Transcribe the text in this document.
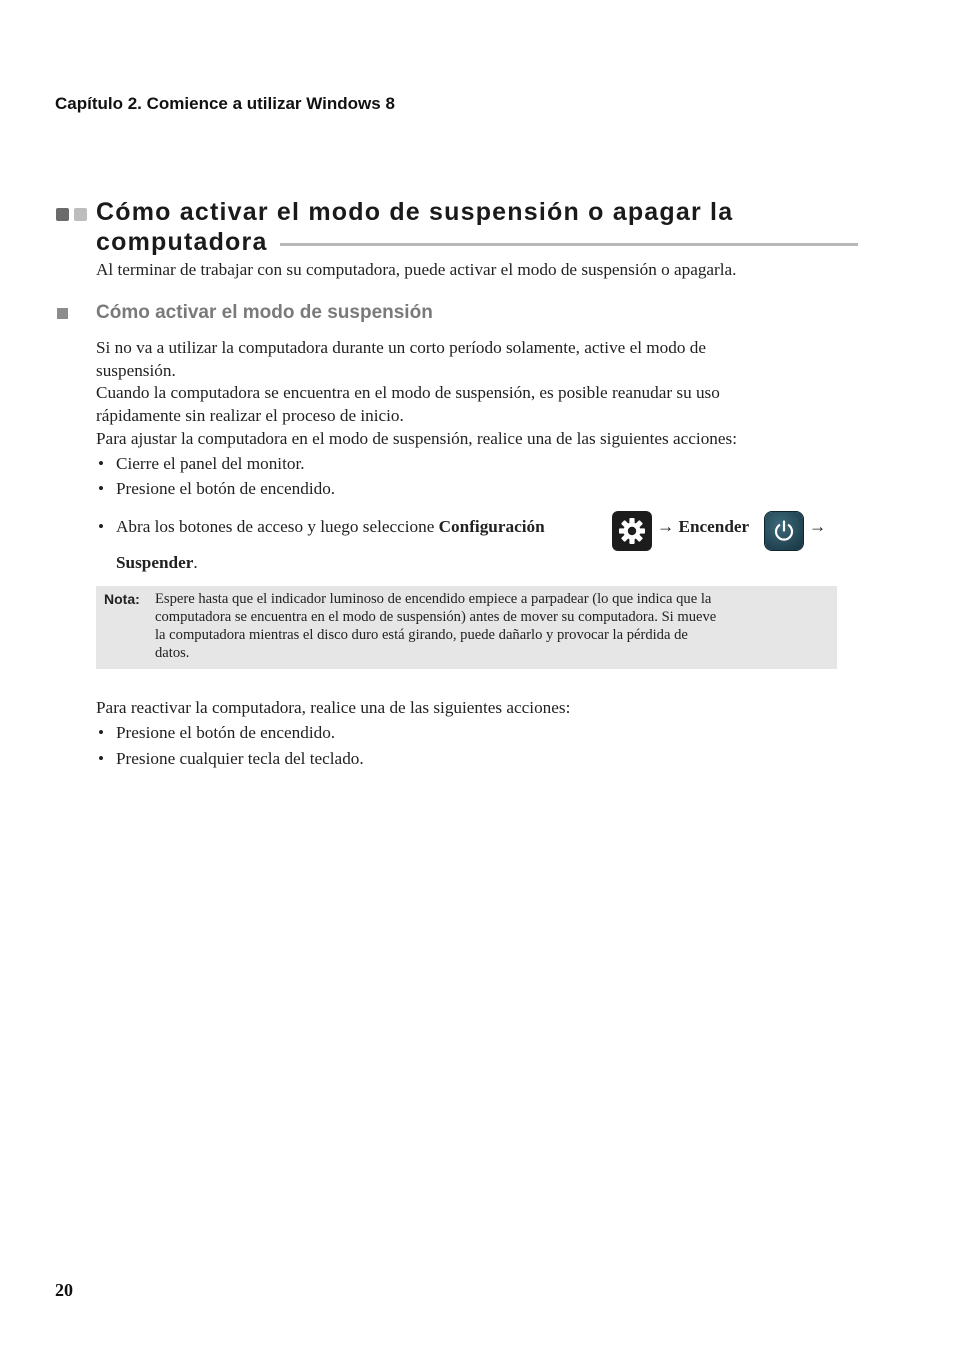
Capítulo 2. Comience a utilizar Windows 8
Cómo activar el modo de suspensión o apagar la
computadora
Al terminar de trabajar con su computadora, puede activar el modo de suspensión o apagarla.
Cómo activar el modo de suspensión
Si no va a utilizar la computadora durante un corto período solamente, active el modo de
suspensión.
Cuando la computadora se encuentra en el modo de suspensión, es posible reanudar su uso
rápidamente sin realizar el proceso de inicio.
Para ajustar la computadora en el modo de suspensión, realice una de las siguientes acciones:
• Cierre el panel del monitor.
• Presione el botón de encendido.
• Abra los botones de acceso y luego seleccione Configuración	→ Encender	→
Suspender.
Nota: Espere hasta que el indicador luminoso de encendido empiece a parpadear (lo que indica que la
computadora se encuentra en el modo de suspensión) antes de mover su computadora. Si mueve
la computadora mientras el disco duro está girando, puede dañarlo y provocar la pérdida de
datos.
Para reactivar la computadora, realice una de las siguientes acciones:
• Presione el botón de encendido.
• Presione cualquier tecla del teclado.
20
